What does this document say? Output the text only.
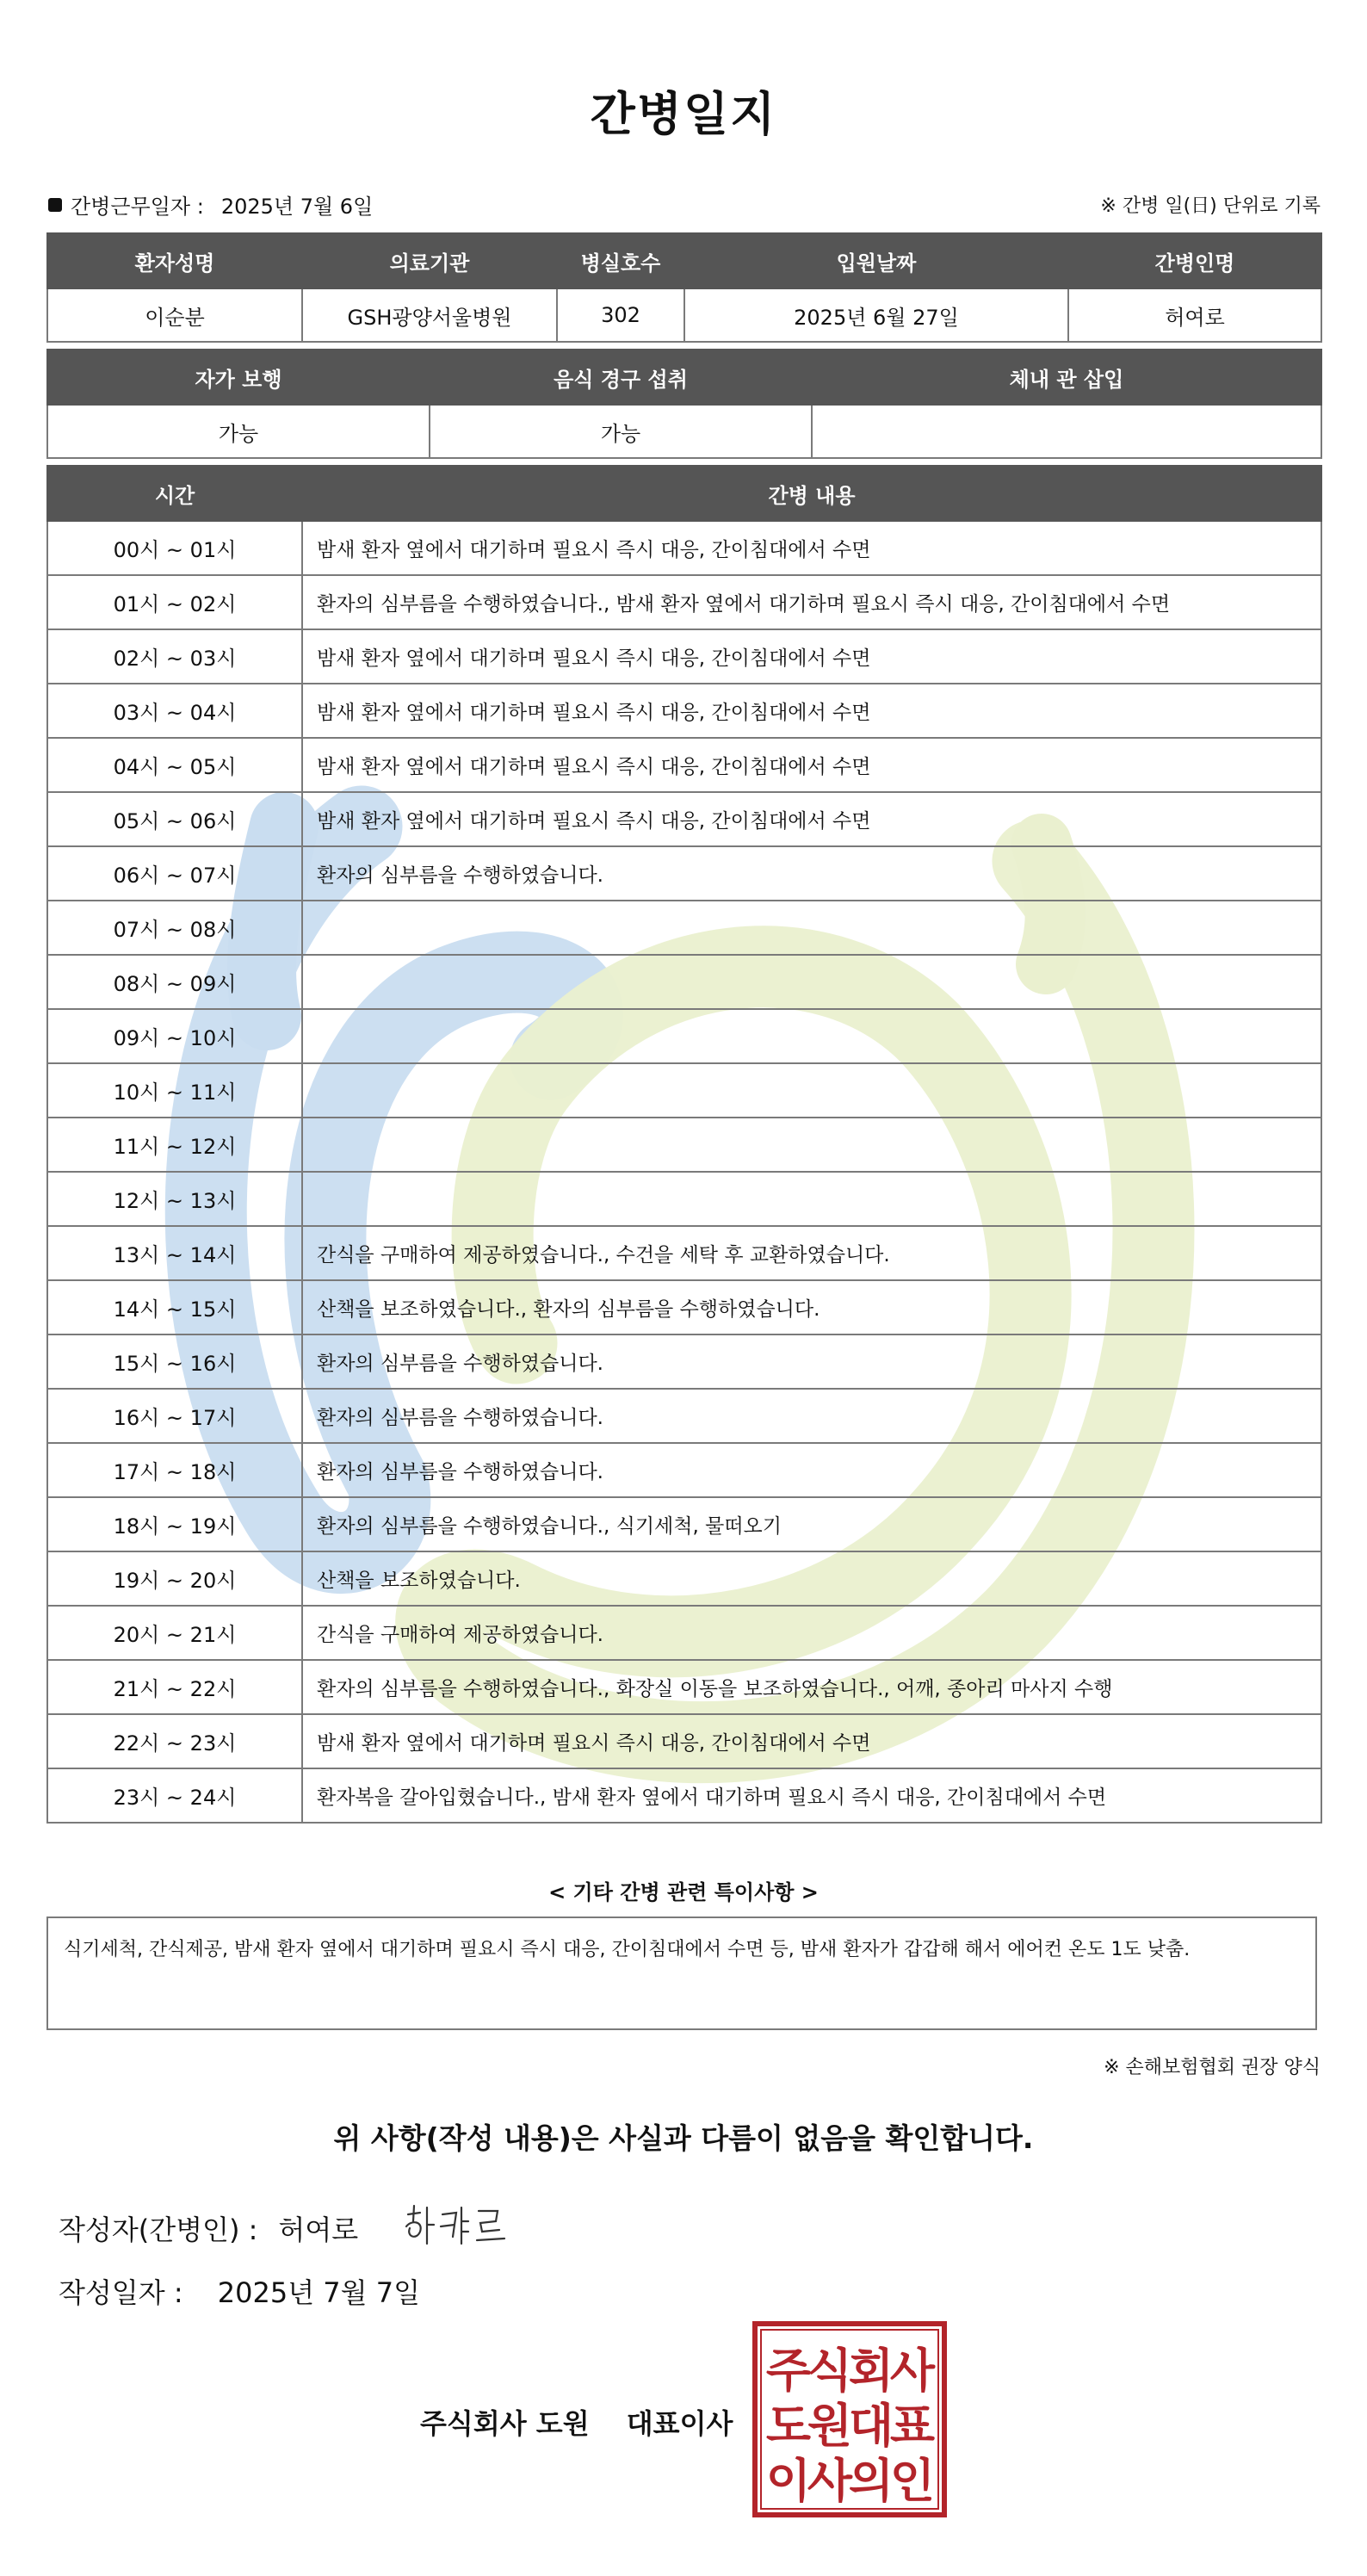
간병일지
간병근무일자 : 2025년 7월 6일	※ 간병 일(日) 단위로 기록
환자성명	의료기관	병실호수	입원날짜	간병인명
이순분	GSH광양서울병원	302	2025년 6월 27일	허여로
자가 보행	음식 경구 섭취	체내 관 삽입
가능	가능	
시간	간병 내용
00시 ~ 01시	밤새 환자 옆에서 대기하며 필요시 즉시 대응, 간이침대에서 수면
01시 ~ 02시	환자의 심부름을 수행하였습니다., 밤새 환자 옆에서 대기하며 필요시 즉시 대응, 간이침대에서 수면
02시 ~ 03시	밤새 환자 옆에서 대기하며 필요시 즉시 대응, 간이침대에서 수면
03시 ~ 04시	밤새 환자 옆에서 대기하며 필요시 즉시 대응, 간이침대에서 수면
04시 ~ 05시	밤새 환자 옆에서 대기하며 필요시 즉시 대응, 간이침대에서 수면
05시 ~ 06시	밤새 환자 옆에서 대기하며 필요시 즉시 대응, 간이침대에서 수면
06시 ~ 07시	환자의 심부름을 수행하였습니다.
07시 ~ 08시	
08시 ~ 09시	
09시 ~ 10시	
10시 ~ 11시	
11시 ~ 12시	
12시 ~ 13시	
13시 ~ 14시	간식을 구매하여 제공하였습니다., 수건을 세탁 후 교환하였습니다.
14시 ~ 15시	산책을 보조하였습니다., 환자의 심부름을 수행하였습니다.
15시 ~ 16시	환자의 심부름을 수행하였습니다.
16시 ~ 17시	환자의 심부름을 수행하였습니다.
17시 ~ 18시	환자의 심부름을 수행하였습니다.
18시 ~ 19시	환자의 심부름을 수행하였습니다., 식기세척, 물떠오기
19시 ~ 20시	산책을 보조하였습니다.
20시 ~ 21시	간식을 구매하여 제공하였습니다.
21시 ~ 22시	환자의 심부름을 수행하였습니다., 화장실 이동을 보조하였습니다., 어깨, 종아리 마사지 수행
22시 ~ 23시	밤새 환자 옆에서 대기하며 필요시 즉시 대응, 간이침대에서 수면
23시 ~ 24시	환자복을 갈아입혔습니다., 밤새 환자 옆에서 대기하며 필요시 즉시 대응, 간이침대에서 수면
< 기타 간병 관련 특이사항 >
식기세척, 간식제공, 밤새 환자 옆에서 대기하며 필요시 즉시 대응, 간이침대에서 수면 등, 밤새 환자가 갑갑해 해서 에어컨 온도 1도 낮춤.
※ 손해보험협회 권장 양식
위 사항(작성 내용)은 사실과 다름이 없음을 확인합니다.
작성자(간병인) : 허여로
작성일자 : 2025년 7월 7일
주식회사 도원 대표이사
주
식
회
사
도
원
대
표
이
사
의
인
